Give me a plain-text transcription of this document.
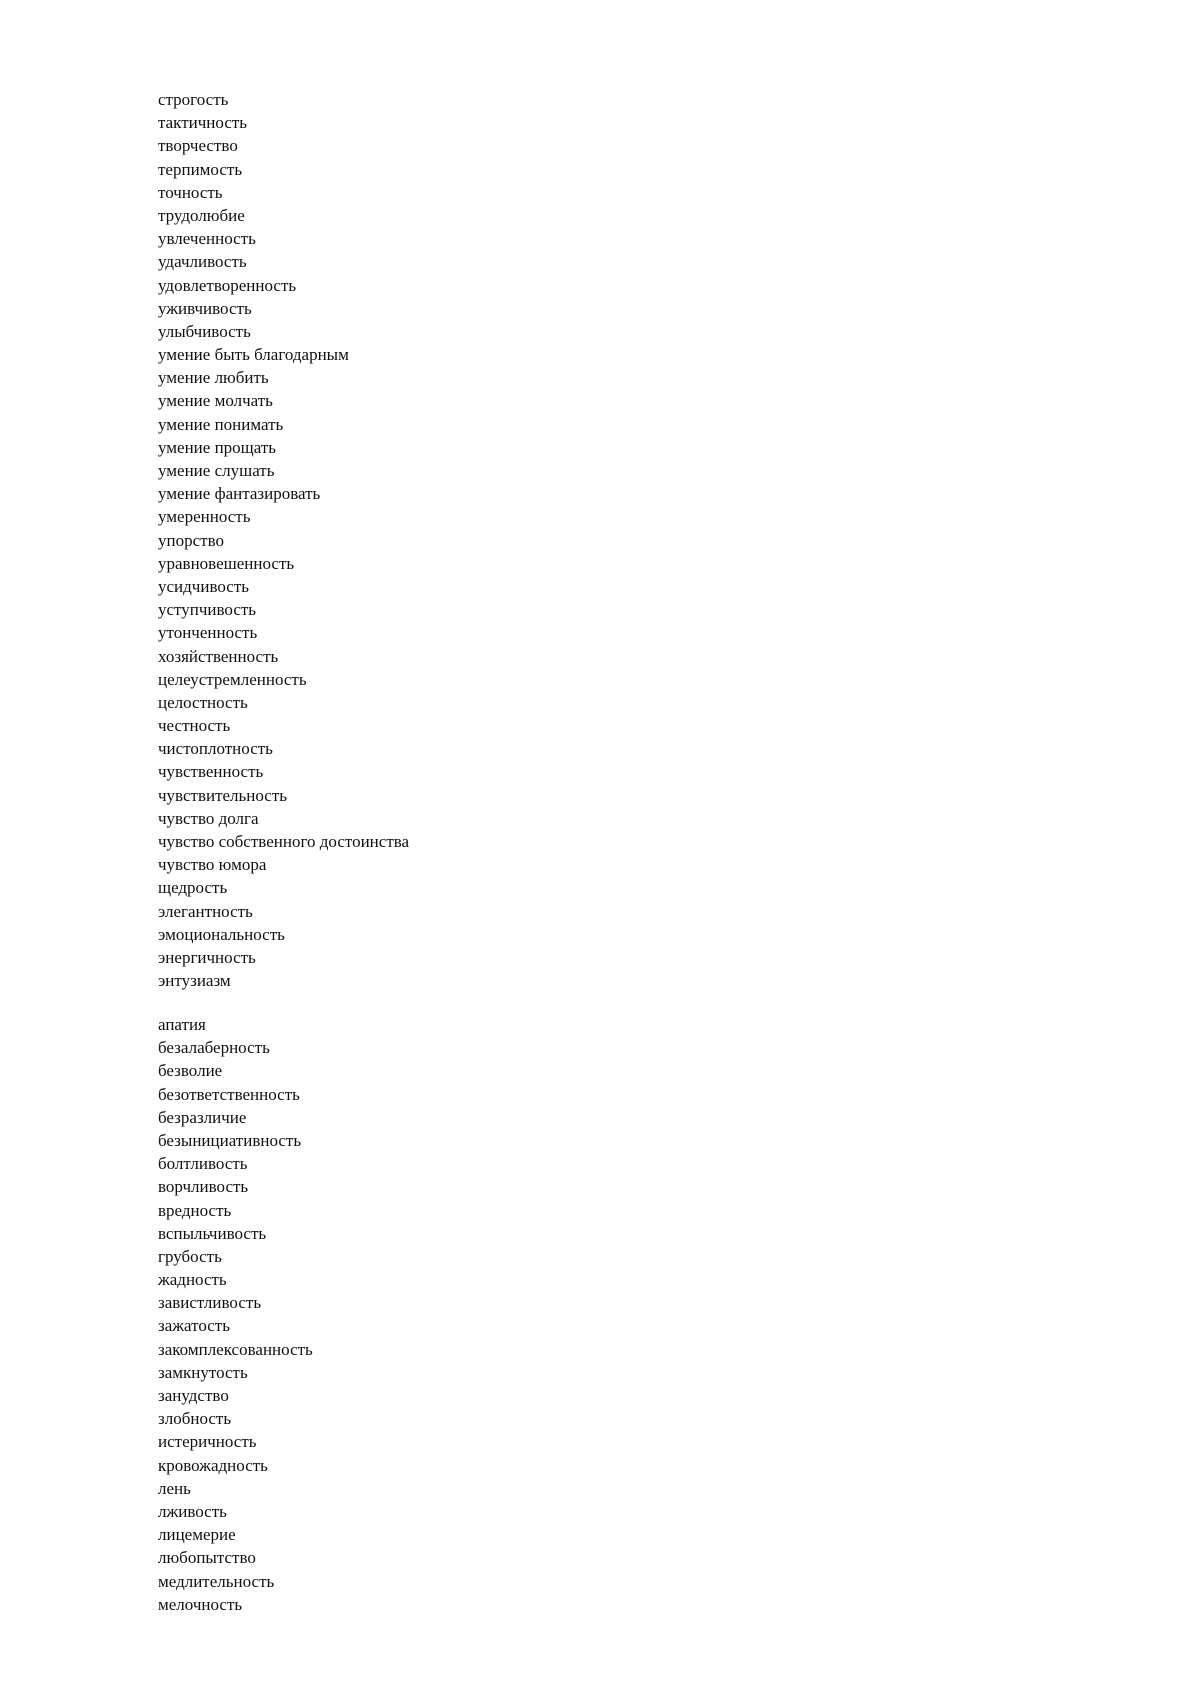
строгость
тактичность
творчество
терпимость
точность
трудолюбие
увлеченность
удачливость
удовлетворенность
уживчивость
улыбчивость
умение быть благодарным
умение любить
умение молчать
умение понимать
умение прощать
умение слушать
умение фантазировать
умеренность
упорство
уравновешенность
усидчивость
уступчивость
утонченность
хозяйственность
целеустремленность
целостность
честность
чистоплотность
чувственность
чувствительность
чувство долга
чувство собственного достоинства
чувство юмора
щедрость
элегантность
эмоциональность
энергичность
энтузиазм
апатия
безалаберность
безволие
безответственность
безразличие
безынициативность
болтливость
ворчливость
вредность
вспыльчивость
грубость
жадность
завистливость
зажатость
закомплексованность
замкнутость
занудство
злобность
истеричность
кровожадность
лень
лживость
лицемерие
любопытство
медлительность
мелочность
